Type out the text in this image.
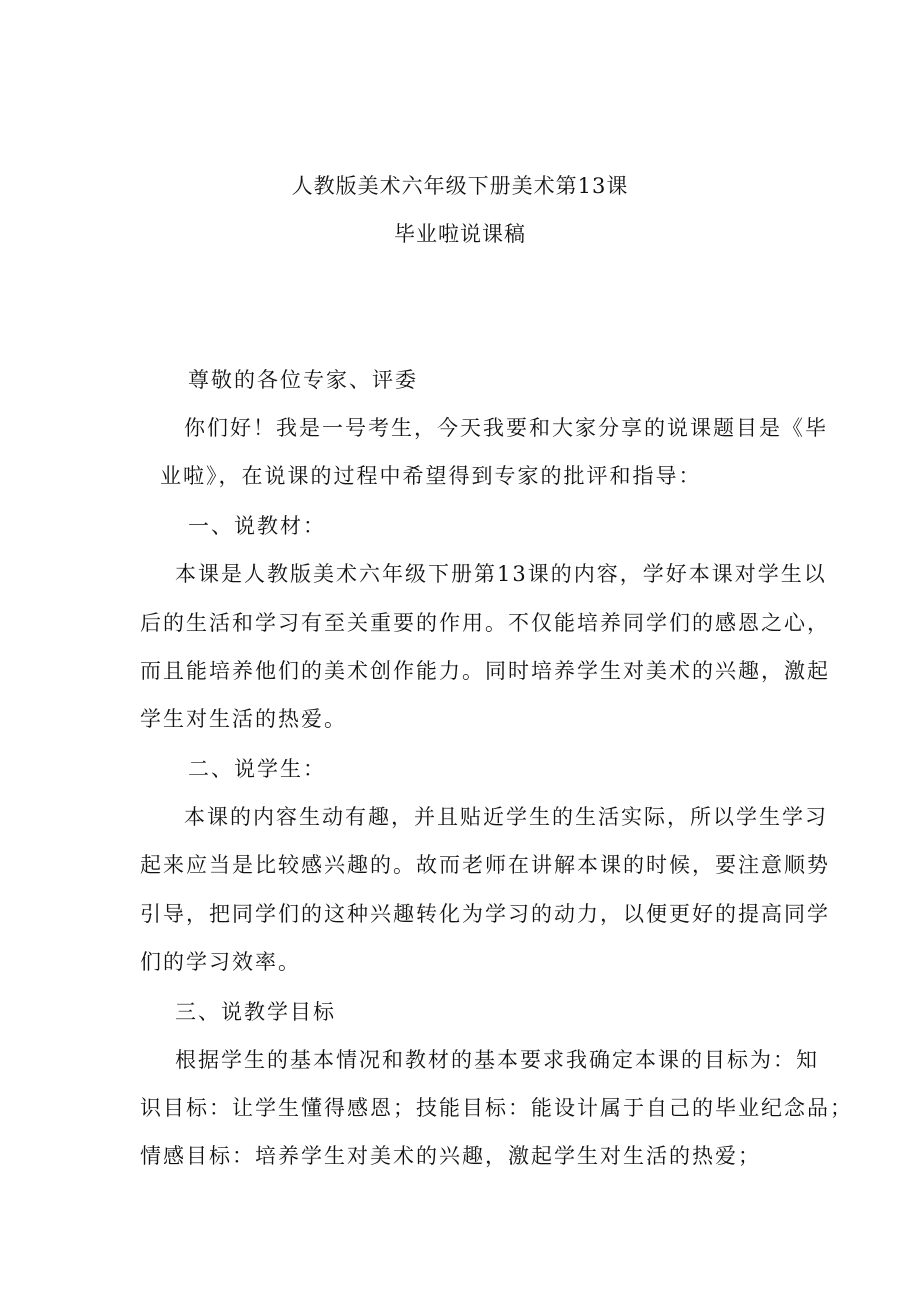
人教版美术六年级下册美术第13课
毕业啦说课稿
尊敬的各位专家、评委
你们好！我是一号考生，今天我要和大家分享的说课题目是《毕
业啦》，在说课的过程中希望得到专家的批评和指导：
一、说教材：
本课是人教版美术六年级下册第13课的内容，学好本课对学生以
后的生活和学习有至关重要的作用。不仅能培养同学们的感恩之心，
而且能培养他们的美术创作能力。同时培养学生对美术的兴趣，激起
学生对生活的热爱。
二、说学生：
本课的内容生动有趣，并且贴近学生的生活实际，所以学生学习
起来应当是比较感兴趣的。故而老师在讲解本课的时候，要注意顺势
引导，把同学们的这种兴趣转化为学习的动力，以便更好的提高同学
们的学习效率。
三、说教学目标
根据学生的基本情况和教材的基本要求我确定本课的目标为：知
识目标：让学生懂得感恩；技能目标：能设计属于自己的毕业纪念品；
情感目标：培养学生对美术的兴趣，激起学生对生活的热爱；
